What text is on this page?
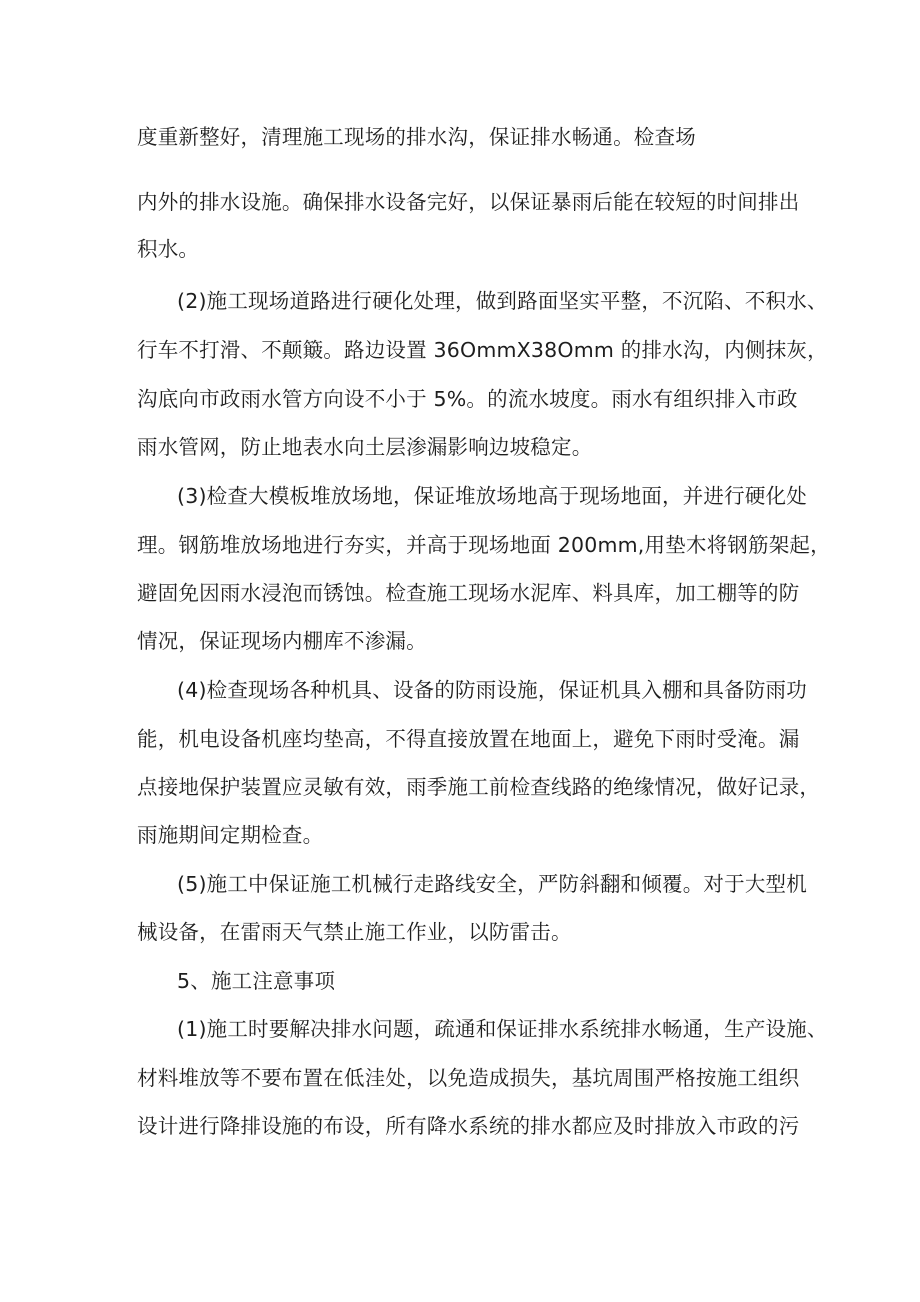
度重新整好，清理施工现场的排水沟，保证排水畅通。检查场
内外的排水设施。确保排水设备完好，以保证暴雨后能在较短的时间排出
积水。
(2)施工现场道路进行硬化处理，做到路面坚实平整，不沉陷、不积水、
行车不打滑、不颠簸。路边设置 36OmmX38Omm 的排水沟，内侧抹灰，
沟底向市政雨水管方向设不小于 5%。的流水坡度。雨水有组织排入市政
雨水管网，防止地表水向土层渗漏影响边坡稳定。
(3)检查大模板堆放场地，保证堆放场地高于现场地面，并进行硬化处
理。钢筋堆放场地进行夯实，并高于现场地面 200mm,用垫木将钢筋架起，
避固免因雨水浸泡而锈蚀。检查施工现场水泥库、料具库，加工棚等的防
情况，保证现场内棚库不渗漏。
(4)检查现场各种机具、设备的防雨设施，保证机具入棚和具备防雨功
能，机电设备机座均垫高，不得直接放置在地面上，避免下雨时受淹。漏
点接地保护装置应灵敏有效，雨季施工前检查线路的绝缘情况，做好记录，
雨施期间定期检查。
(5)施工中保证施工机械行走路线安全，严防斜翻和倾覆。对于大型机
械设备，在雷雨天气禁止施工作业，以防雷击。
5、施工注意事项
(1)施工时要解决排水问题，疏通和保证排水系统排水畅通，生产设施、
材料堆放等不要布置在低洼处，以免造成损失，基坑周围严格按施工组织
设计进行降排设施的布设，所有降水系统的排水都应及时排放入市政的污
